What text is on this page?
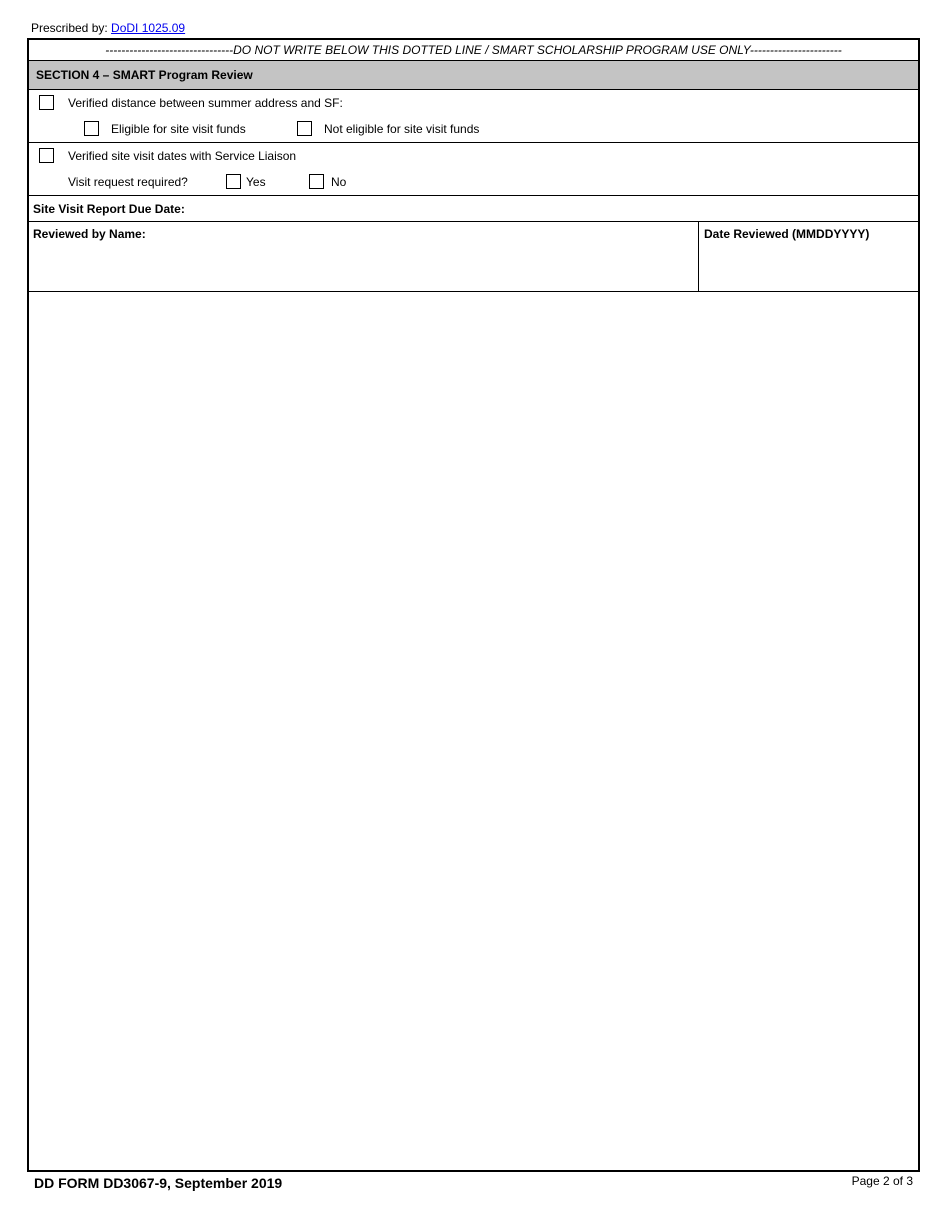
Prescribed by: DoDI 1025.09
--------------------------------DO NOT WRITE BELOW THIS DOTTED LINE / SMART SCHOLARSHIP PROGRAM USE ONLY-----------------------
SECTION 4 – SMART Program Review
Verified distance between summer address and SF:
Eligible for site visit funds	Not eligible for site visit funds
Verified site visit dates with Service Liaison
Visit request required?	Yes	No
Site Visit Report Due Date:
Reviewed by Name:	Date Reviewed (MMDDYYYY)
DD FORM DD3067-9, September 2019	Page 2 of 3
